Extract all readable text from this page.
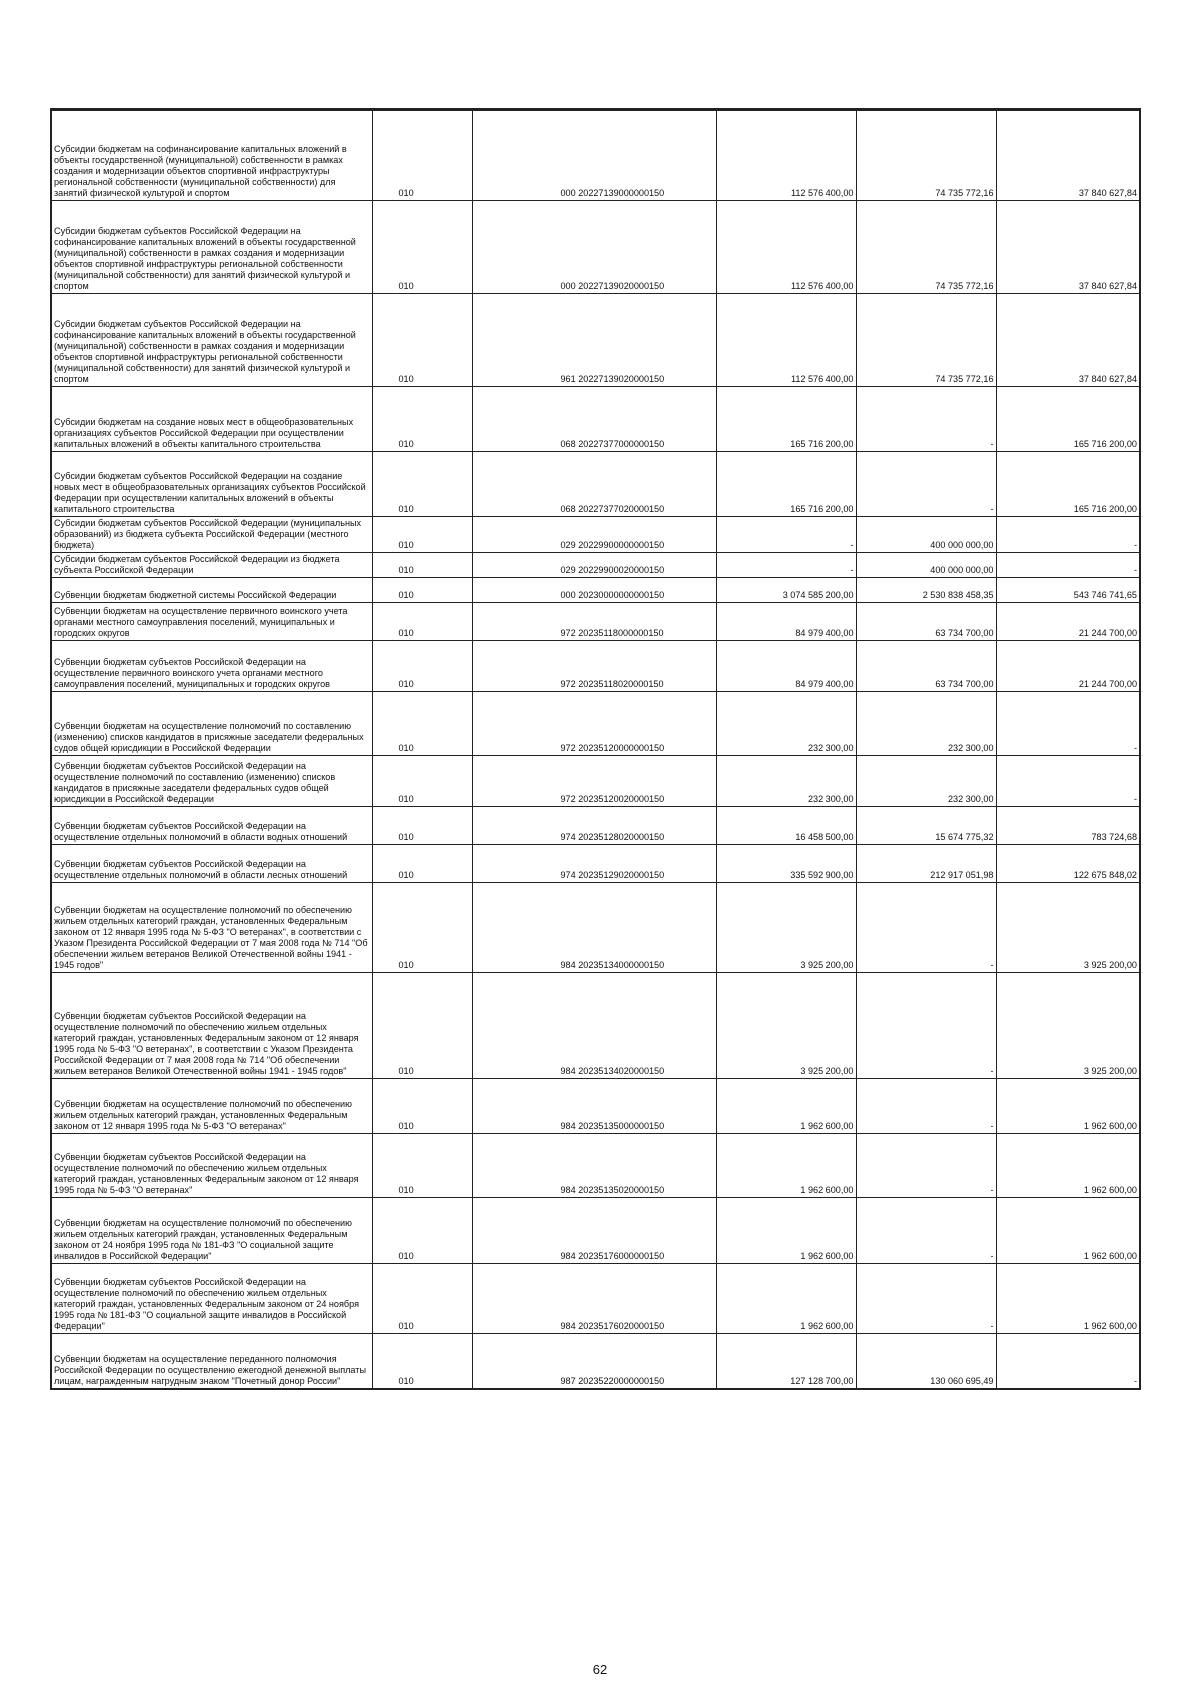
Субсидии бюджетам на софинансирование капитальных вложений в объекты государственной (муниципальной) собственности в рамках создания и модернизации объектов спортивной инфраструктуры региональной собственности (муниципальной собственности) для занятий физической культурой и спортом	010	000 20227139000000150	112 576 400,00	74 735 772,16	37 840 627,84
Субсидии бюджетам субъектов Российской Федерации на софинансирование капитальных вложений в объекты государственной (муниципальной) собственности в рамках создания и модернизации объектов спортивной инфраструктуры региональной собственности (муниципальной собственности) для занятий физической культурой и спортом	010	000 20227139020000150	112 576 400,00	74 735 772,16	37 840 627,84
Субсидии бюджетам субъектов Российской Федерации на софинансирование капитальных вложений в объекты государственной (муниципальной) собственности в рамках создания и модернизации объектов спортивной инфраструктуры региональной собственности (муниципальной собственности) для занятий физической культурой и спортом	010	961 20227139020000150	112 576 400,00	74 735 772,16	37 840 627,84
Субсидии бюджетам на создание новых мест в общеобразовательных организациях субъектов Российской Федерации при осуществлении капитальных вложений в объекты капитального строительства	010	068 20227377000000150	165 716 200,00	-	165 716 200,00
Субсидии бюджетам субъектов Российской Федерации на создание новых мест в общеобразовательных организациях субъектов Российской Федерации при осуществлении капитальных вложений в объекты капитального строительства	010	068 20227377020000150	165 716 200,00	-	165 716 200,00
Субсидии бюджетам субъектов Российской Федерации (муниципальных образований) из бюджета субъекта Российской Федерации (местного бюджета)	010	029 20229900000000150	-	400 000 000,00	-
Субсидии бюджетам субъектов Российской Федерации из бюджета субъекта Российской Федерации	010	029 20229900020000150	-	400 000 000,00	-
Субвенции бюджетам бюджетной системы Российской Федерации	010	000 20230000000000150	3 074 585 200,00	2 530 838 458,35	543 746 741,65
Субвенции бюджетам на осуществление первичного воинского учета органами местного самоуправления поселений, муниципальных и городских округов	010	972 20235118000000150	84 979 400,00	63 734 700,00	21 244 700,00
Субвенции бюджетам субъектов Российской Федерации на осуществление первичного воинского учета органами местного самоуправления поселений, муниципальных и городских округов	010	972 20235118020000150	84 979 400,00	63 734 700,00	21 244 700,00
Субвенции бюджетам на осуществление полномочий по составлению (изменению) списков кандидатов в присяжные заседатели федеральных судов общей юрисдикции в Российской Федерации	010	972 20235120000000150	232 300,00	232 300,00	-
Субвенции бюджетам субъектов Российской Федерации на осуществление полномочий по составлению (изменению) списков кандидатов в присяжные заседатели федеральных судов общей юрисдикции в Российской Федерации	010	972 20235120020000150	232 300,00	232 300,00	-
Субвенции бюджетам субъектов Российской Федерации на осуществление отдельных полномочий в области водных отношений	010	974 20235128020000150	16 458 500,00	15 674 775,32	783 724,68
Субвенции бюджетам субъектов Российской Федерации на осуществление отдельных полномочий в области лесных отношений	010	974 20235129020000150	335 592 900,00	212 917 051,98	122 675 848,02
Субвенции бюджетам на осуществление полномочий по обеспечению жильем отдельных категорий граждан, установленных Федеральным законом от 12 января 1995 года № 5-ФЗ "О ветеранах", в соответствии с Указом Президента Российской Федерации от 7 мая 2008 года № 714 "Об обеспечении жильем ветеранов Великой Отечественной войны 1941 - 1945 годов"	010	984 20235134000000150	3 925 200,00	-	3 925 200,00
Субвенции бюджетам субъектов Российской Федерации на осуществление полномочий по обеспечению жильем отдельных категорий граждан, установленных Федеральным законом от 12 января 1995 года № 5-ФЗ "О ветеранах", в соответствии с Указом Президента Российской Федерации от 7 мая 2008 года № 714 "Об обеспечении жильем ветеранов Великой Отечественной войны 1941 - 1945 годов"	010	984 20235134020000150	3 925 200,00	-	3 925 200,00
Субвенции бюджетам на осуществление полномочий по обеспечению жильем отдельных категорий граждан, установленных Федеральным законом от 12 января 1995 года № 5-ФЗ "О ветеранах"	010	984 20235135000000150	1 962 600,00	-	1 962 600,00
Субвенции бюджетам субъектов Российской Федерации на осуществление полномочий по обеспечению жильем отдельных категорий граждан, установленных Федеральным законом от 12 января 1995 года № 5-ФЗ "О ветеранах"	010	984 20235135020000150	1 962 600,00	-	1 962 600,00
Субвенции бюджетам на осуществление полномочий по обеспечению жильем отдельных категорий граждан, установленных Федеральным законом от 24 ноября 1995 года № 181-ФЗ "О социальной защите инвалидов в Российской Федерации"	010	984 20235176000000150	1 962 600,00	-	1 962 600,00
Субвенции бюджетам субъектов Российской Федерации на осуществление полномочий по обеспечению жильем отдельных категорий граждан, установленных Федеральным законом от 24 ноября 1995 года № 181-ФЗ "О социальной защите инвалидов в Российской Федерации"	010	984 20235176020000150	1 962 600,00	-	1 962 600,00
Субвенции бюджетам на осуществление переданного полномочия Российской Федерации по осуществлению ежегодной денежной выплаты лицам, награжденным нагрудным знаком "Почетный донор России"	010	987 20235220000000150	127 128 700,00	130 060 695,49	-
62
